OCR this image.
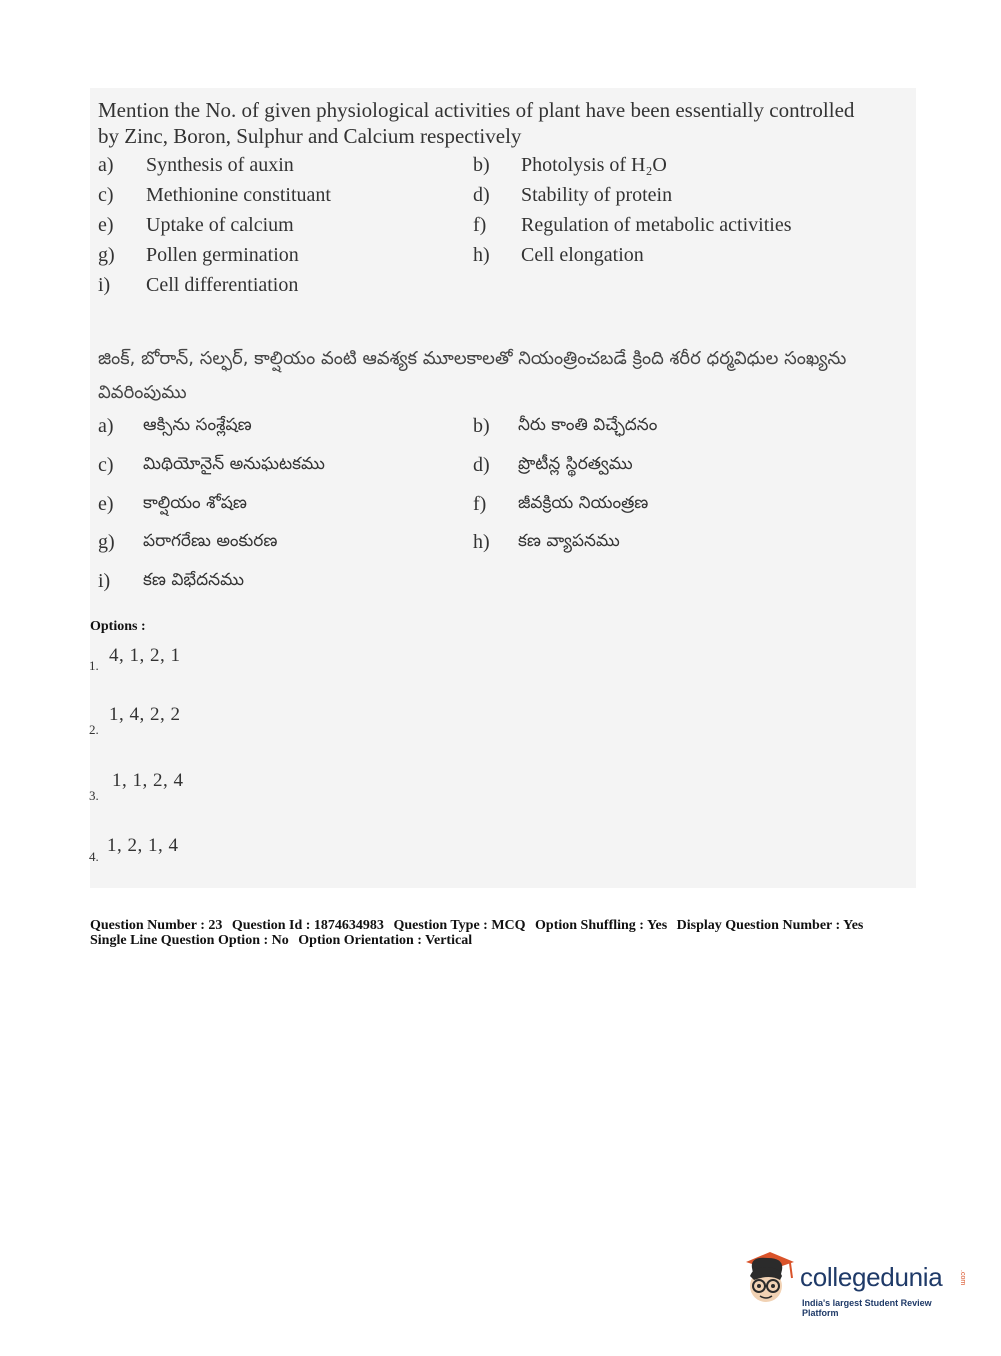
Mention the No. of given physiological activities of plant have been essentially controlled by Zinc, Boron, Sulphur and Calcium respectively
a)	Synthesis of auxin	b)	Photolysis of H₂O
c)	Methionine constituant	d)	Stability of protein
e)	Uptake of calcium	f)	Regulation of metabolic activities
g)	Pollen germination	h)	Cell elongation
i)	Cell differentiation
జింక్, బోరాన్, సల్ఫర్, కాల్షియం వంటి ఆవశ్యక మూలకాలతో నియంత్రించబడే క్రింది శరీర ధర్మవిధుల సంఖ్యను వివరింపుము
a)	ఆక్సిను సంశ్లేషణ	b)	నీరు కాంతి విచ్ఛేదనం
c)	మిథియోనైన్ అనుఘటకము	d)	ప్రొటీన్ల స్థిరత్వము
e)	కాల్షియం శోషణ	f)	జీవక్రియ నియంత్రణ
g)	పరాగరేణు అంకురణ	h)	కణ వ్యాపనము
i)	కణ విభేదనము
Options :
1. 4, 1, 2, 1
2.
1, 4, 2, 2
3.
1, 1, 2, 4
4.
1, 2, 1, 4
Question Number : 23 Question Id : 1874634983 Question Type : MCQ Option Shuffling : Yes Display Question Number : Yes
Single Line Question Option : No Option Orientation : Vertical
collegedunia .com
India's largest Student Review Platform
